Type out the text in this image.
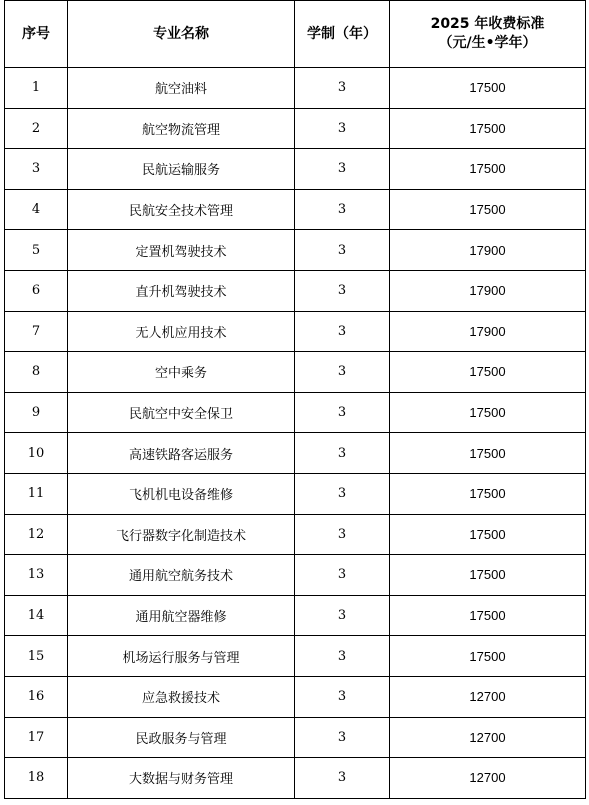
序号	专业名称	学制（年）	2025 年收费标准
（元/生•学年）

1	航空油料	3	17500
2	航空物流管理	3	17500
3	民航运输服务	3	17500
4	民航安全技术管理	3	17500
5	定置机驾驶技术	3	17900
6	直升机驾驶技术	3	17900
7	无人机应用技术	3	17900
8	空中乘务	3	17500
9	民航空中安全保卫	3	17500
10	高速铁路客运服务	3	17500
11	飞机机电设备维修	3	17500
12	飞行器数字化制造技术	3	17500
13	通用航空航务技术	3	17500
14	通用航空器维修	3	17500
15	机场运行服务与管理	3	17500
16	应急救援技术	3	12700
17	民政服务与管理	3	12700
18	大数据与财务管理	3	12700
